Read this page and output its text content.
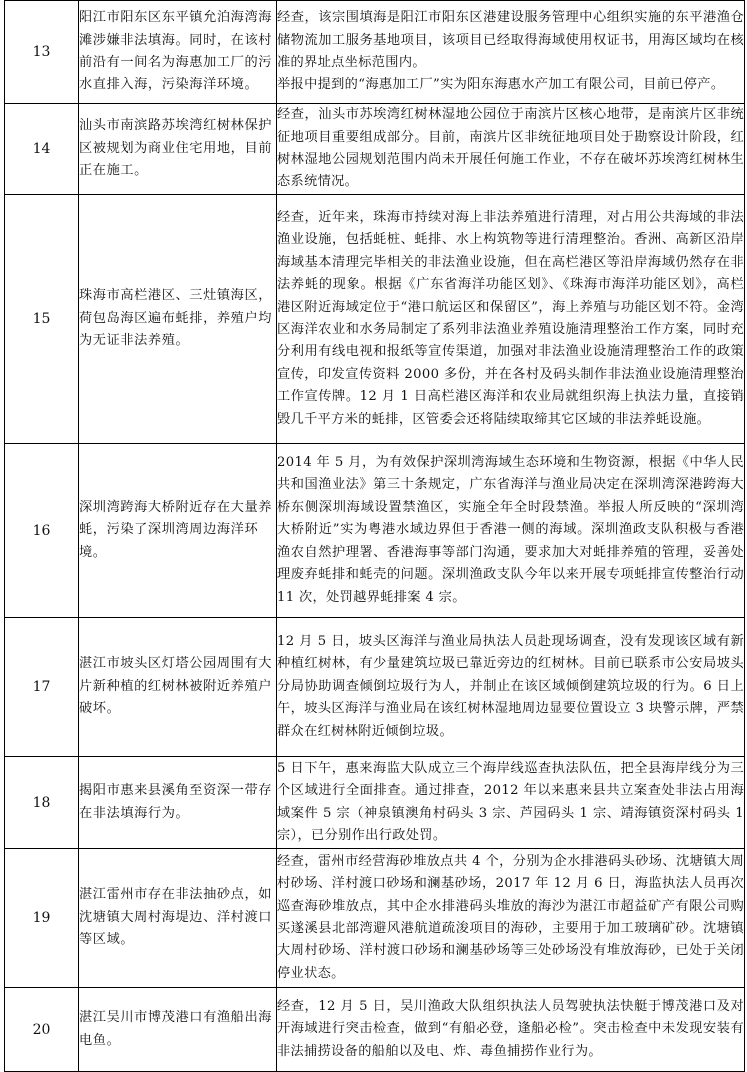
13	阳江市阳东区东平镇允泊海湾海滩涉嫌非法填海。同时，在该村前沿有一间名为海惠加工厂的污水直排入海，污染海洋环境。	经查，该宗围填海是阳江市阳东区港建设服务管理中心组织实施的东平港渔仓储物流加工服务基地项目，该项目已经取得海域使用权证书，用海区域均在核准的界址点坐标范围内。

举报中提到的“海惠加工厂”实为阳东海惠水产加工有限公司，目前已停产。

14	汕头市南滨路苏埃湾红树林保护区被规划为商业住宅用地，目前正在施工。	经查，汕头市苏埃湾红树林湿地公园位于南滨片区核心地带，是南滨片区非统征地项目重要组成部分。目前，南滨片区非统征地项目处于勘察设计阶段，红树林湿地公园规划范围内尚未开展任何施工作业，不存在破坏苏埃湾红树林生态系统情况。

15	珠海市高栏港区、三灶镇海区，荷包岛海区遍布蚝排，养殖户均为无证非法养殖。	经查，近年来，珠海市持续对海上非法养殖进行清理，对占用公共海域的非法渔业设施，包括蚝桩、蚝排、水上构筑物等进行清理整治。香洲、高新区沿岸海域基本清理完毕相关的非法渔业设施，但在高栏港区等沿岸海域仍然存在非法养蚝的现象。根据《广东省海洋功能区划》、《珠海市海洋功能区划》，高栏港区附近海域定位于“港口航运区和保留区”，海上养殖与功能区划不符。金湾区海洋农业和水务局制定了系列非法渔业养殖设施清理整治工作方案，同时充分利用有线电视和报纸等宣传渠道，加强对非法渔业设施清理整治工作的政策宣传，印发宣传资料 2000 多份，并在各村及码头制作非法渔业设施清理整治工作宣传牌。12 月 1 日高栏港区海洋和农业局就组织海上执法力量，直接销毁几千平方米的蚝排，区管委会还将陆续取缔其它区域的非法养蚝设施。

16	深圳湾跨海大桥附近存在大量养蚝，污染了深圳湾周边海洋环境。	2014 年 5 月，为有效保护深圳湾海域生态环境和生物资源，根据《中华人民共和国渔业法》第三十条规定，广东省海洋与渔业局决定在深圳湾深港跨海大桥东侧深圳海域设置禁渔区，实施全年全时段禁渔。举报人所反映的“深圳湾大桥附近”实为粤港水域边界但于香港一侧的海域。深圳渔政支队积极与香港渔农自然护理署、香港海事等部门沟通，要求加大对蚝排养殖的管理，妥善处理废弃蚝排和蚝壳的问题。深圳渔政支队今年以来开展专项蚝排宣传整治行动 11 次，处罚越界蚝排案 4 宗。

17	湛江市坡头区灯塔公园周围有大片新种植的红树林被附近养殖户破坏。	12 月 5 日，坡头区海洋与渔业局执法人员赴现场调查，没有发现该区域有新种植红树林，有少量建筑垃圾已靠近旁边的红树林。目前已联系市公安局坡头分局协助调查倾倒垃圾行为人，并制止在该区域倾倒建筑垃圾的行为。6 日上午，坡头区海洋与渔业局在该红树林湿地周边显要位置设立 3 块警示牌，严禁群众在红树林附近倾倒垃圾。

18	揭阳市惠来县溪角至资深一带存在非法填海行为。	5 日下午，惠来海监大队成立三个海岸线巡查执法队伍，把全县海岸线分为三个区域进行全面排查。通过排查，2012 年以来惠来县共立案查处非法占用海域案件 5 宗（神泉镇澳角村码头 3 宗、芦园码头 1 宗、靖海镇资深村码头 1 宗），已分别作出行政处罚。

19	湛江雷州市存在非法抽砂点，如沈塘镇大周村海堤边、洋村渡口等区域。	经查，雷州市经营海砂堆放点共 4 个，分别为企水排港码头砂场、沈塘镇大周村砂场、洋村渡口砂场和澜基砂场，2017 年 12 月 6 日，海监执法人员再次巡查海砂堆放点，其中企水排港码头堆放的海沙为湛江市超益矿产有限公司购买遂溪县北部湾避风港航道疏浚项目的海砂，主要用于加工玻璃矿砂。沈塘镇大周村砂场、洋村渡口砂场和澜基砂场等三处砂场没有堆放海砂，已处于关闭停业状态。

20	湛江吴川市博茂港口有渔船出海电鱼。	经查，12 月 5 日，吴川渔政大队组织执法人员驾驶执法快艇于博茂港口及对开海域进行突击检查，做到“有船必登，逢船必检”。突击检查中未发现安装有非法捕捞设备的船舶以及电、炸、毒鱼捕捞作业行为。
